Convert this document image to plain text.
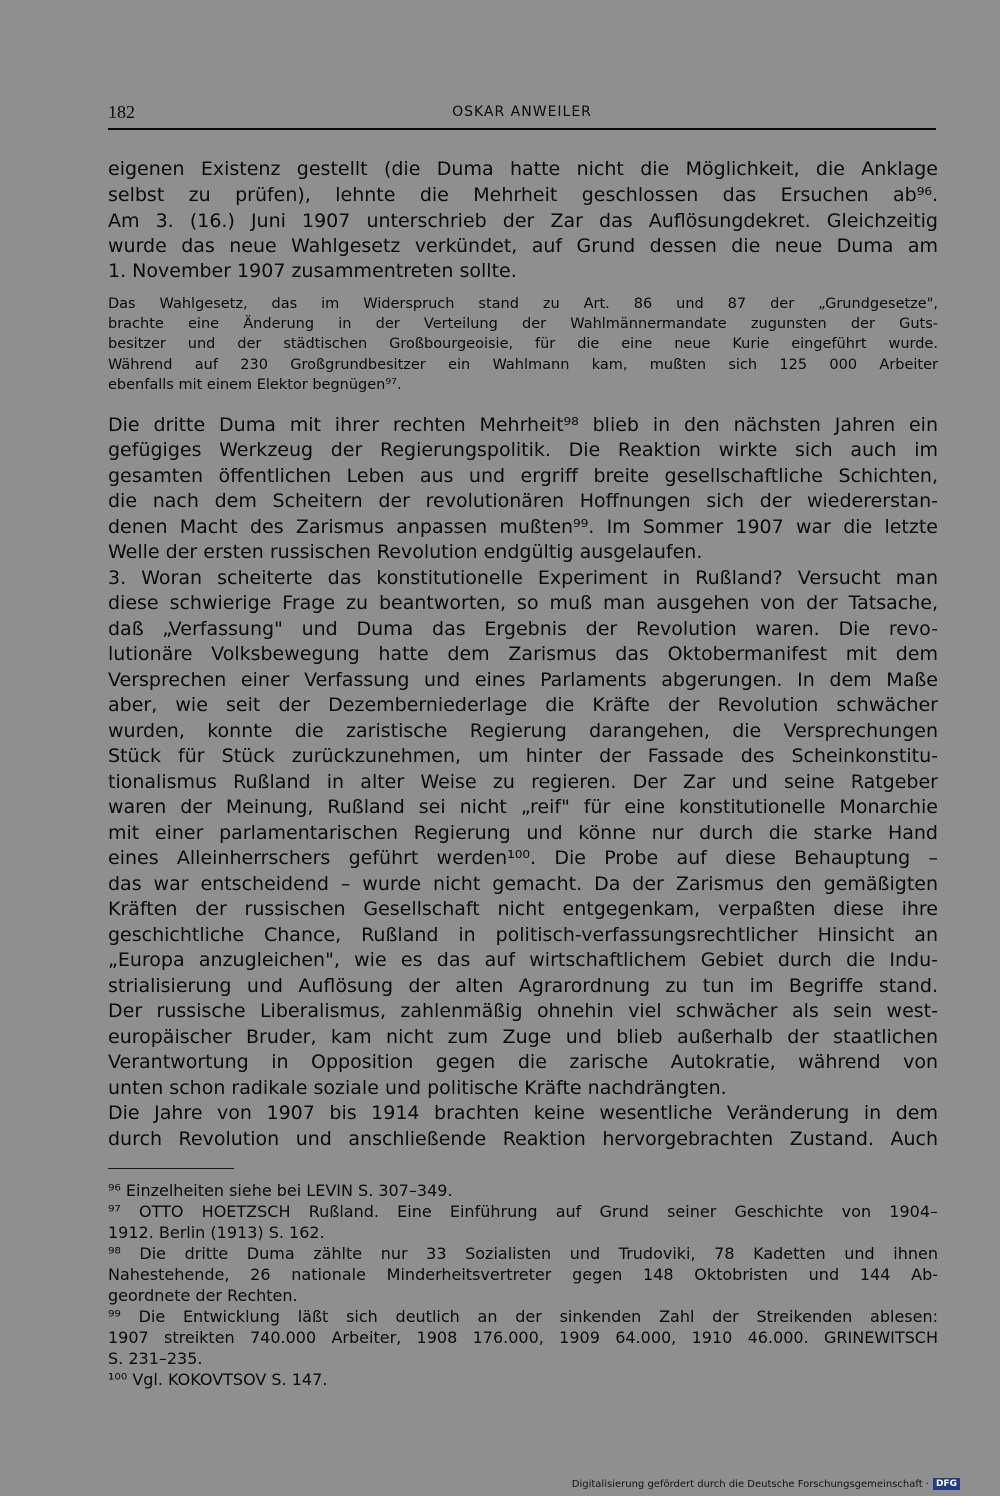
182	OSKAR ANWEILER
eigenen Existenz gestellt (die Duma hatte nicht die Möglichkeit, die Anklage
selbst zu prüfen), lehnte die Mehrheit geschlossen das Ersuchen ab⁹⁶.
Am 3. (16.) Juni 1907 unterschrieb der Zar das Auflösungdekret. Gleichzeitig
wurde das neue Wahlgesetz verkündet, auf Grund dessen die neue Duma am
1. November 1907 zusammentreten sollte.
Das Wahlgesetz, das im Widerspruch stand zu Art. 86 und 87 der „Grundgesetze",
brachte eine Änderung in der Verteilung der Wahlmännermandate zugunsten der Guts-
besitzer und der städtischen Großbourgeoisie, für die eine neue Kurie eingeführt wurde.
Während auf 230 Großgrundbesitzer ein Wahlmann kam, mußten sich 125 000 Arbeiter
ebenfalls mit einem Elektor begnügen⁹⁷.
Die dritte Duma mit ihrer rechten Mehrheit⁹⁸ blieb in den nächsten Jahren ein
gefügiges Werkzeug der Regierungspolitik. Die Reaktion wirkte sich auch im
gesamten öffentlichen Leben aus und ergriff breite gesellschaftliche Schichten,
die nach dem Scheitern der revolutionären Hoffnungen sich der wiedererstan-
denen Macht des Zarismus anpassen mußten⁹⁹. Im Sommer 1907 war die letzte
Welle der ersten russischen Revolution endgültig ausgelaufen.
3. Woran scheiterte das konstitutionelle Experiment in Rußland? Versucht man
diese schwierige Frage zu beantworten, so muß man ausgehen von der Tatsache,
daß „Verfassung" und Duma das Ergebnis der Revolution waren. Die revo-
lutionäre Volksbewegung hatte dem Zarismus das Oktobermanifest mit dem
Versprechen einer Verfassung und eines Parlaments abgerungen. In dem Maße
aber, wie seit der Dezemberniederlage die Kräfte der Revolution schwächer
wurden, konnte die zaristische Regierung darangehen, die Versprechungen
Stück für Stück zurückzunehmen, um hinter der Fassade des Scheinkonstitu-
tionalismus Rußland in alter Weise zu regieren. Der Zar und seine Ratgeber
waren der Meinung, Rußland sei nicht „reif" für eine konstitutionelle Monarchie
mit einer parlamentarischen Regierung und könne nur durch die starke Hand
eines Alleinherrschers geführt werden¹⁰⁰. Die Probe auf diese Behauptung –
das war entscheidend – wurde nicht gemacht. Da der Zarismus den gemäßigten
Kräften der russischen Gesellschaft nicht entgegenkam, verpaßten diese ihre
geschichtliche Chance, Rußland in politisch-verfassungsrechtlicher Hinsicht an
„Europa anzugleichen", wie es das auf wirtschaftlichem Gebiet durch die Indu-
strialisierung und Auflösung der alten Agrarordnung zu tun im Begriffe stand.
Der russische Liberalismus, zahlenmäßig ohnehin viel schwächer als sein west-
europäischer Bruder, kam nicht zum Zuge und blieb außerhalb der staatlichen
Verantwortung in Opposition gegen die zarische Autokratie, während von
unten schon radikale soziale und politische Kräfte nachdrängten.
Die Jahre von 1907 bis 1914 brachten keine wesentliche Veränderung in dem
durch Revolution und anschließende Reaktion hervorgebrachten Zustand. Auch
⁹⁶ Einzelheiten siehe bei LEVIN S. 307–349.
⁹⁷ OTTO HOETZSCH Rußland. Eine Einführung auf Grund seiner Geschichte von 1904–
1912. Berlin (1913) S. 162.
⁹⁸ Die dritte Duma zählte nur 33 Sozialisten und Trudoviki, 78 Kadetten und ihnen
Nahestehende, 26 nationale Minderheitsvertreter gegen 148 Oktobristen und 144 Ab-
geordnete der Rechten.
⁹⁹ Die Entwicklung läßt sich deutlich an der sinkenden Zahl der Streikenden ablesen:
1907 streikten 740.000 Arbeiter, 1908 176.000, 1909 64.000, 1910 46.000. GRINEWITSCH
S. 231–235.
¹⁰⁰ Vgl. KOKOVTSOV S. 147.
Digitalisierung gefördert durch die Deutsche Forschungsgemeinschaft · DFG
